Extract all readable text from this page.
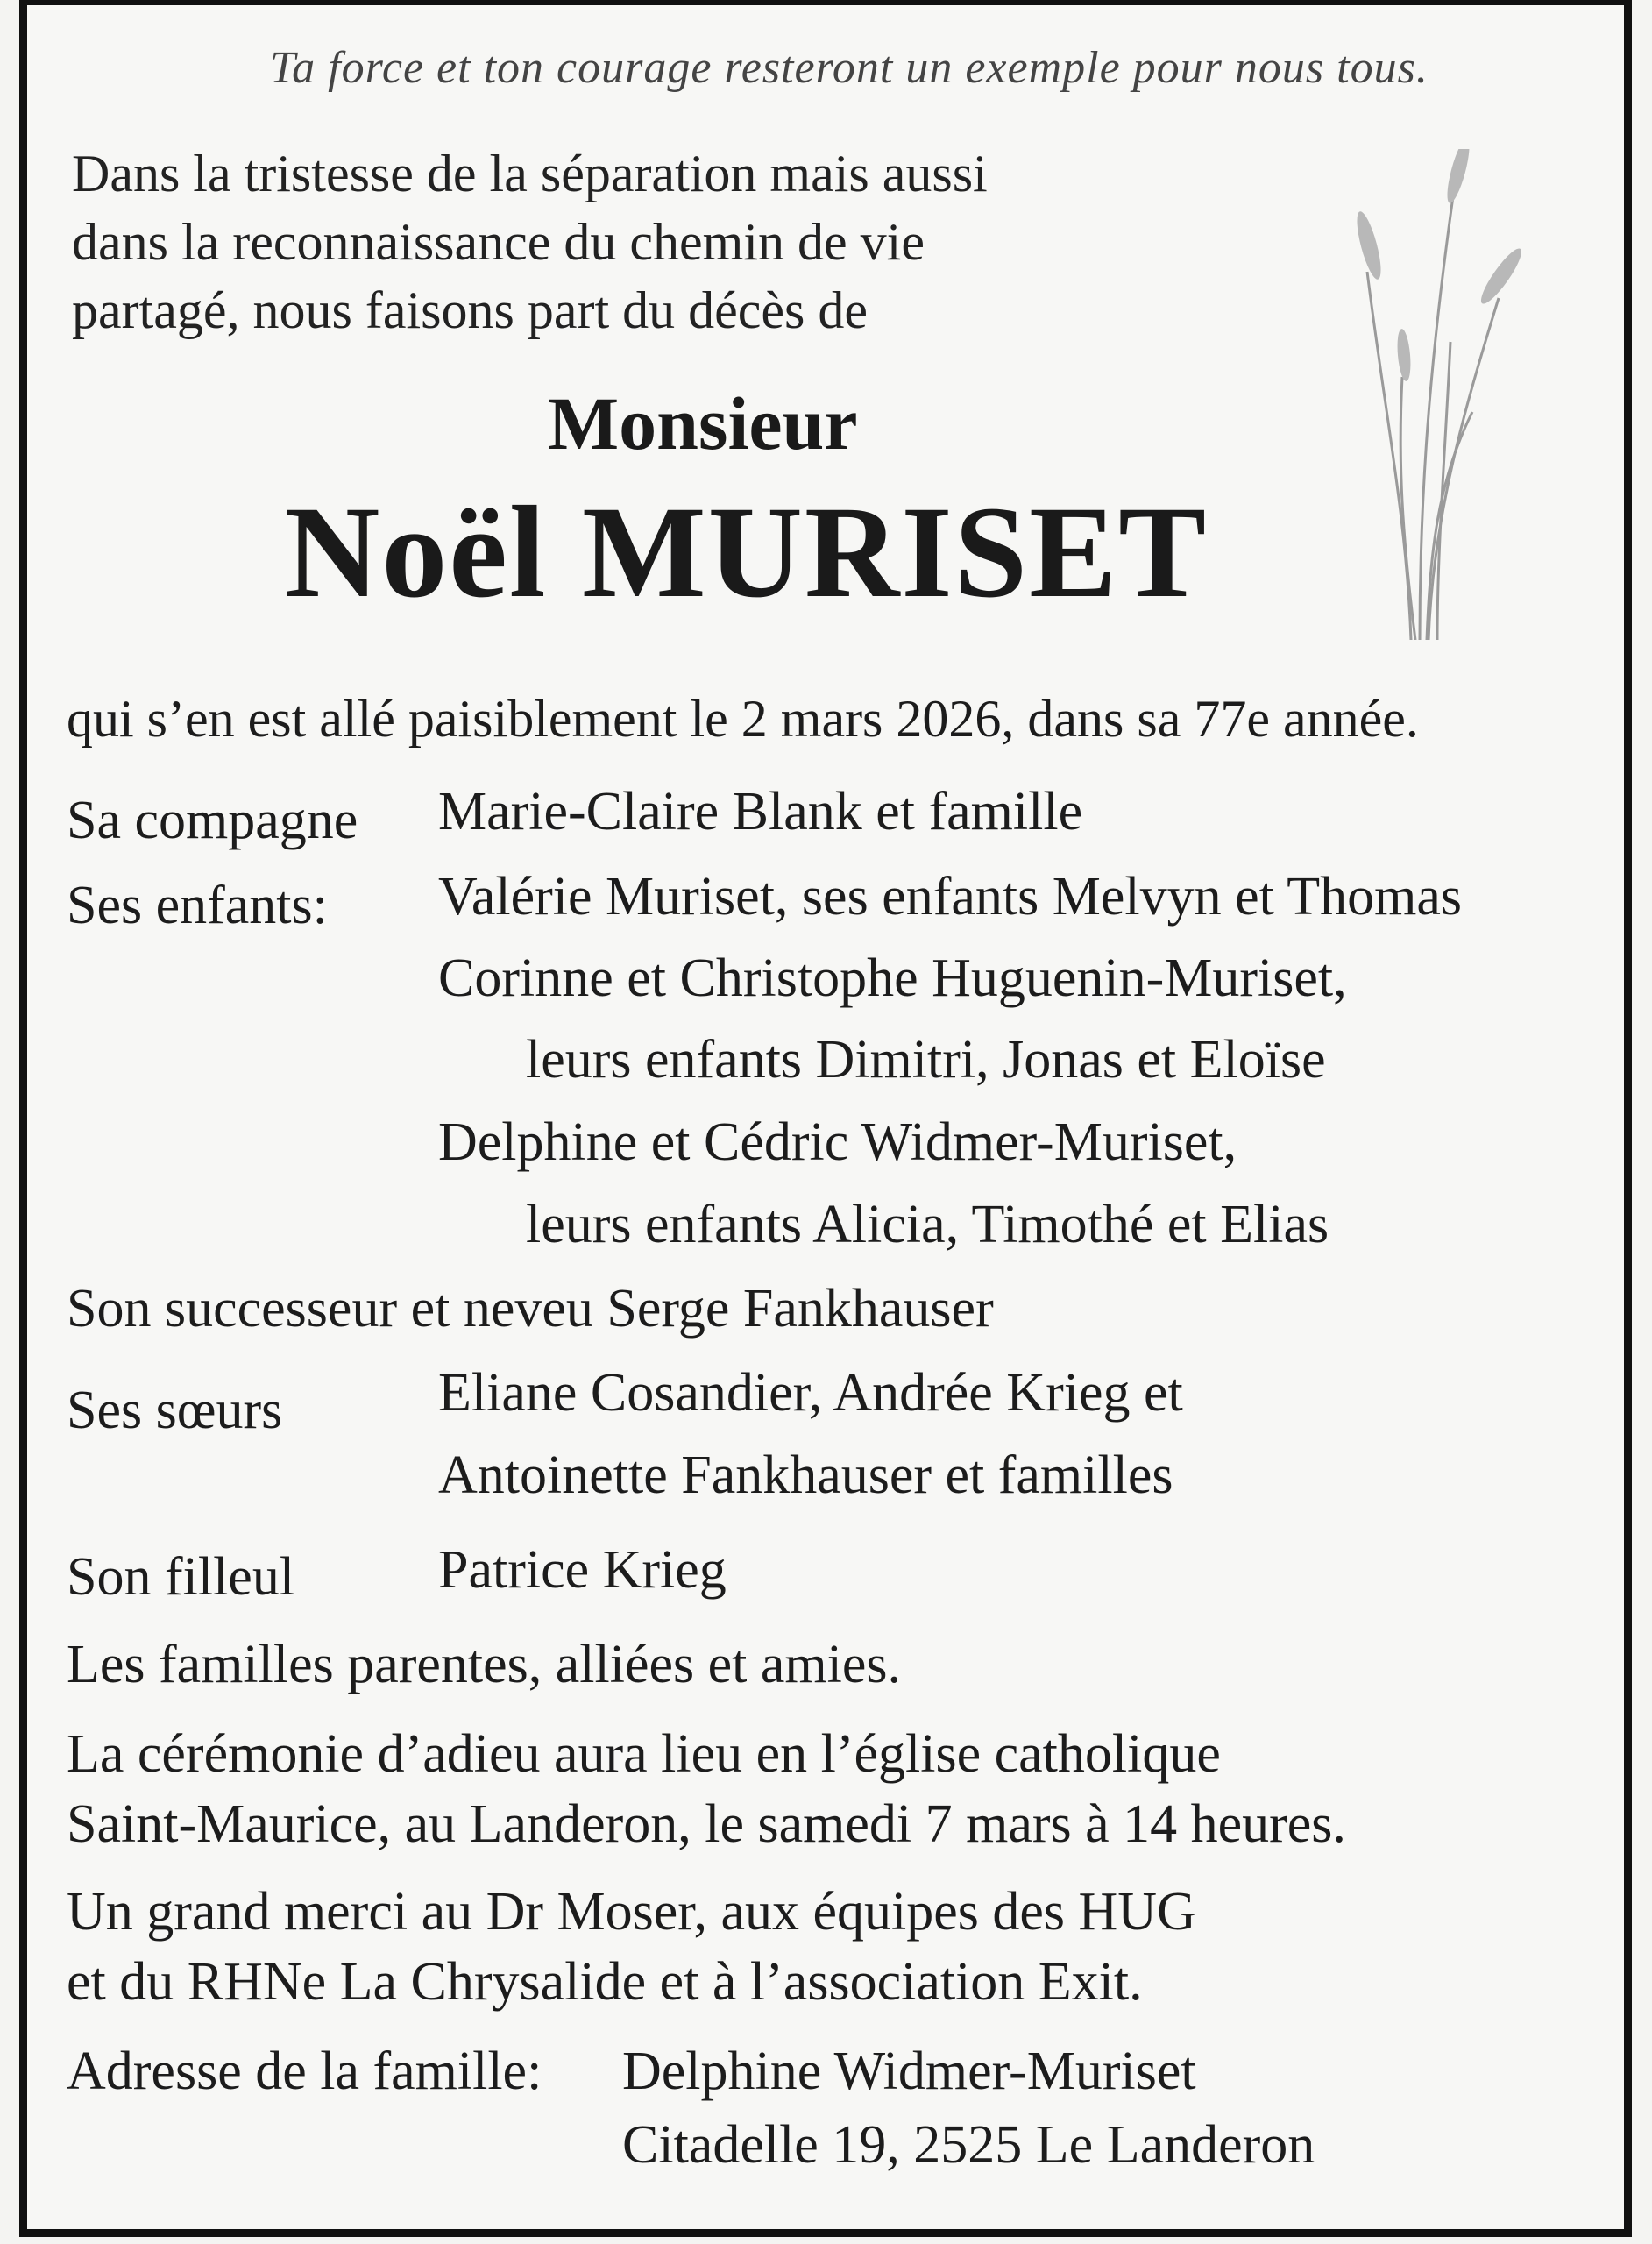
Ta force et ton courage resteront un exemple pour nous tous.
Dans la tristesse de la séparation mais aussi
dans la reconnaissance du chemin de vie
partagé, nous faisons part du décès de
Monsieur
Noël MURISET
qui s’en est allé paisiblement le 2 mars 2026, dans sa 77e année.
Sa compagne Marie-Claire Blank et famille
Ses enfants: Valérie Muriset, ses enfants Melvyn et Thomas
Corinne et Christophe Huguenin-Muriset,
leurs enfants Dimitri, Jonas et Eloïse
Delphine et Cédric Widmer-Muriset,
leurs enfants Alicia, Timothé et Elias
Son successeur et neveu Serge Fankhauser
Ses sœurs	Eliane Cosandier, Andrée Krieg et
Antoinette Fankhauser et familles
Son filleul	Patrice Krieg
Les familles parentes, alliées et amies.
La cérémonie d’adieu aura lieu en l’église catholique
Saint-Maurice, au Landeron, le samedi 7 mars à 14 heures.
Un grand merci au Dr Moser, aux équipes des HUG
et du RHNe La Chrysalide et à l’association Exit.
Adresse de la famille: Delphine Widmer-Muriset
Citadelle 19, 2525 Le Landeron
